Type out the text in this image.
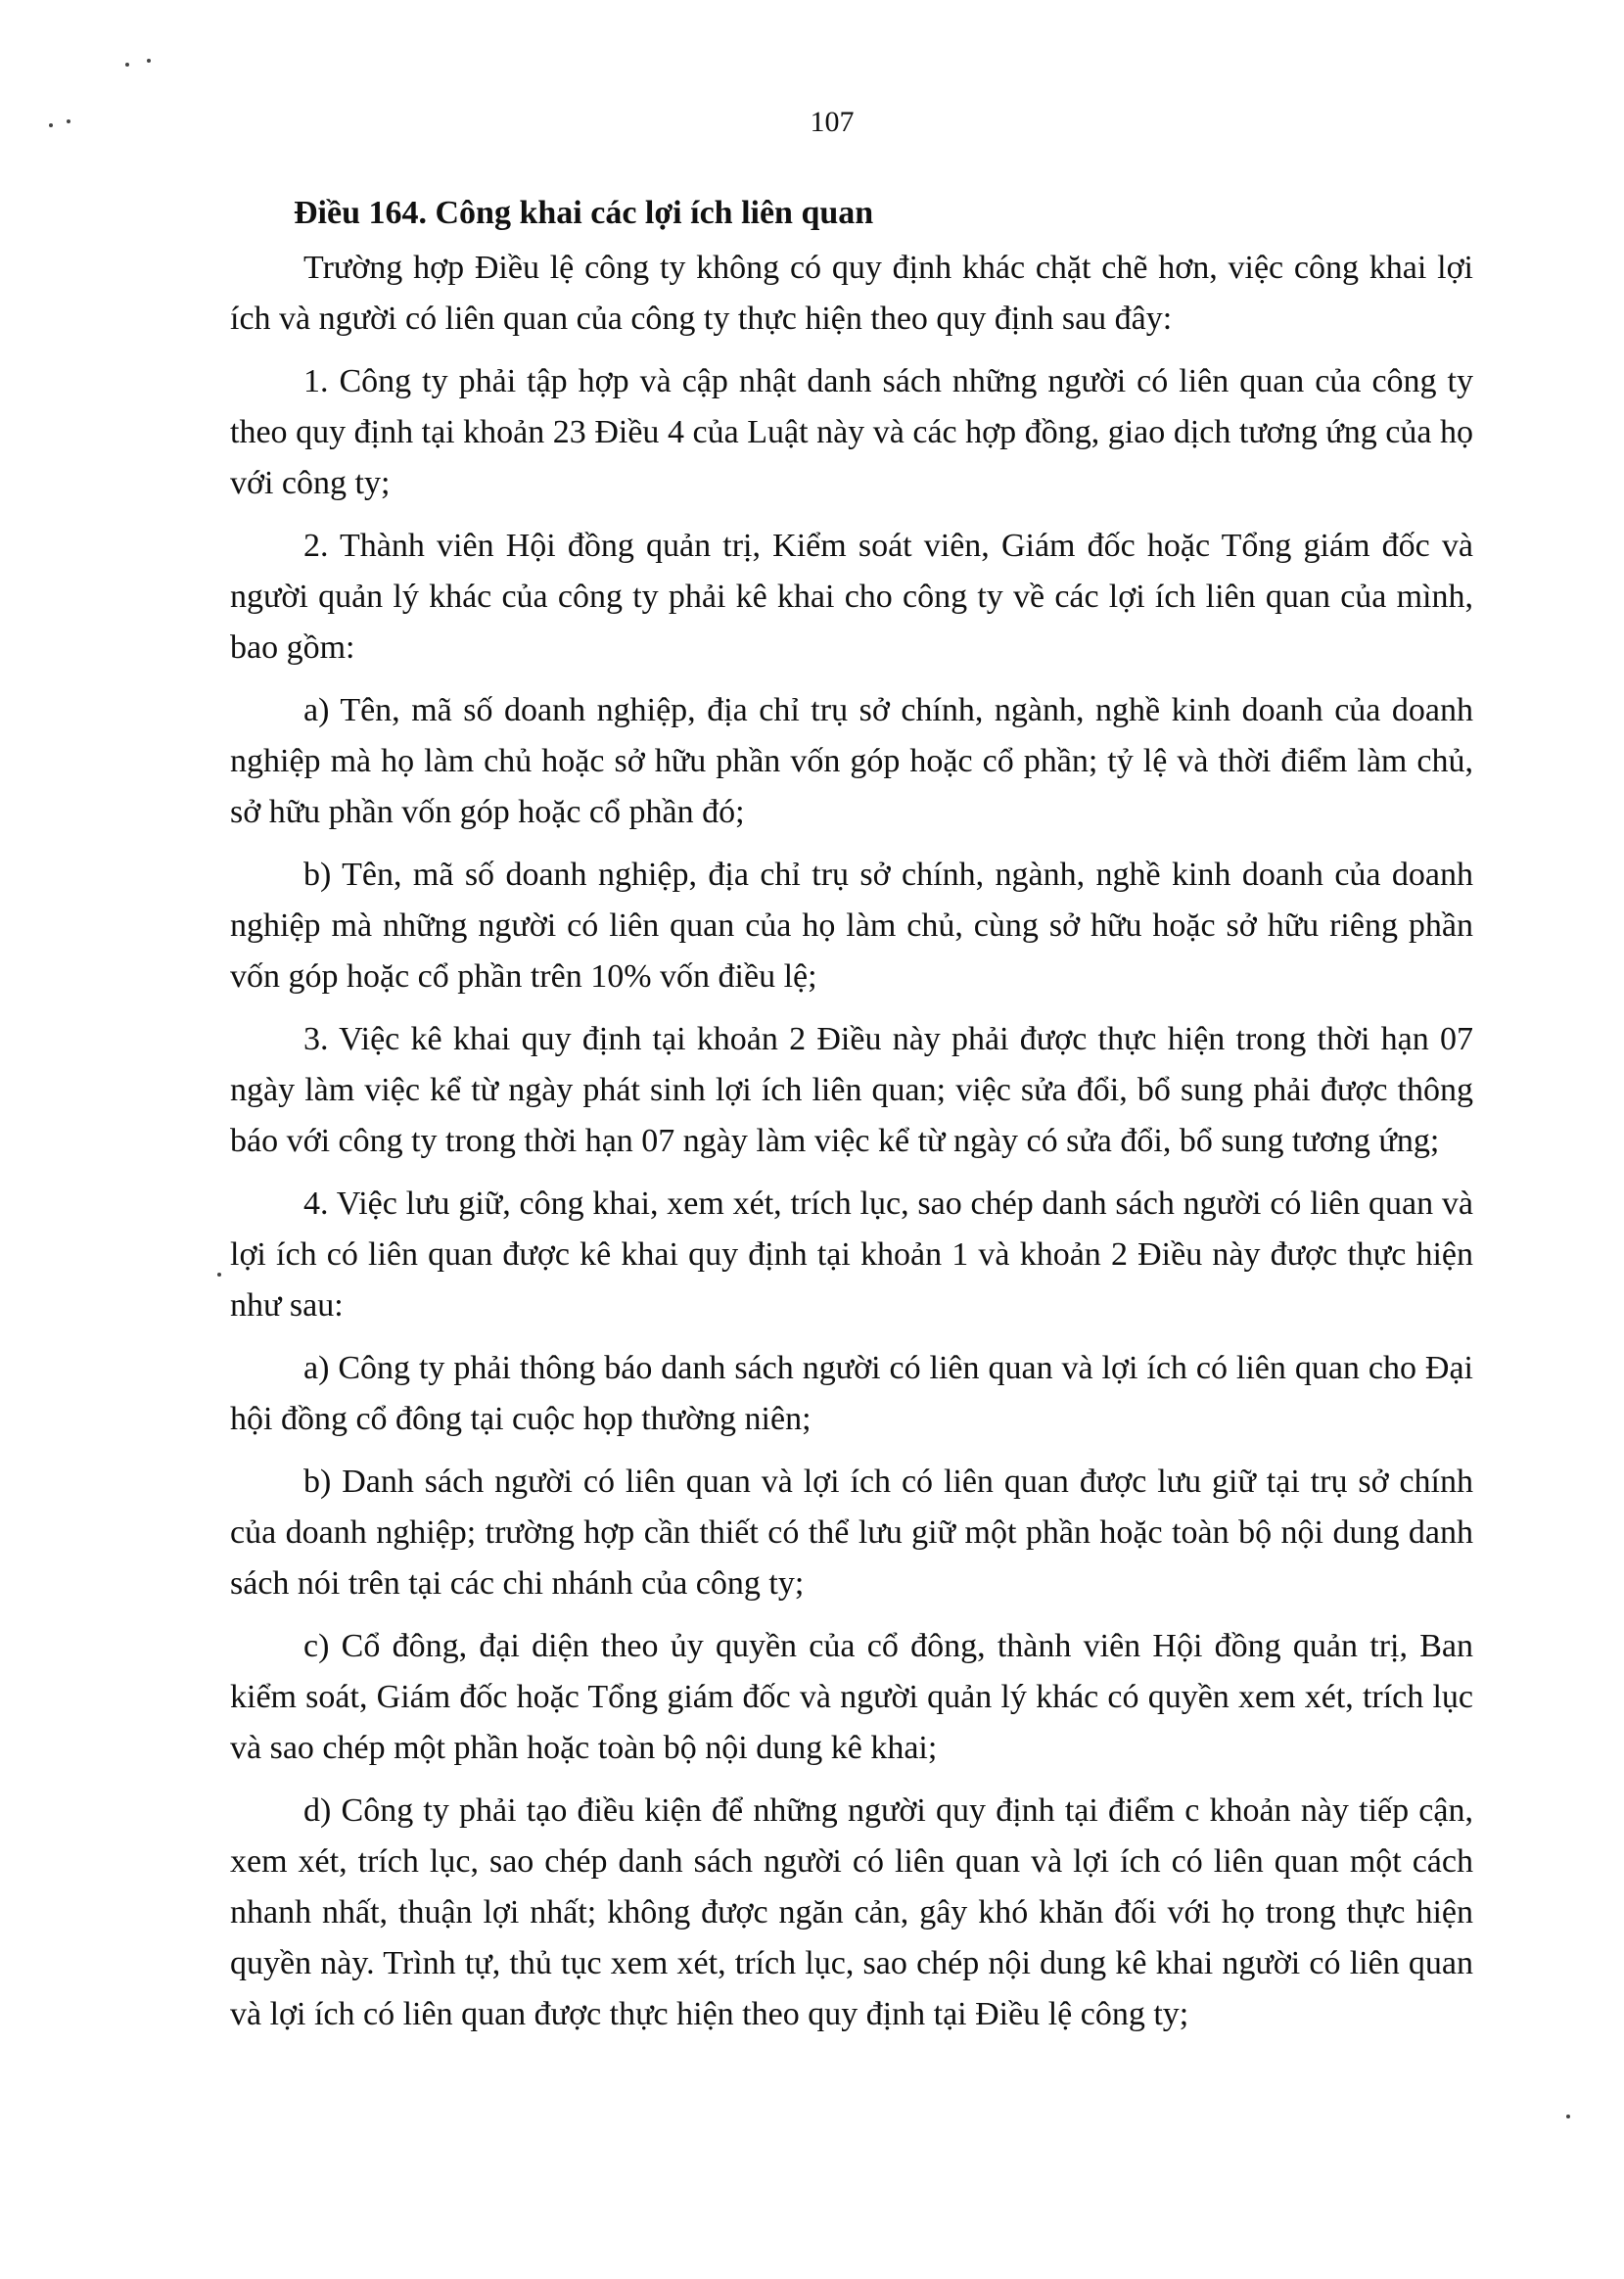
107
Điều 164. Công khai các lợi ích liên quan

Trường hợp Điều lệ công ty không có quy định khác chặt chẽ hơn, việc công khai lợi ích và người có liên quan của công ty thực hiện theo quy định sau đây:

1. Công ty phải tập hợp và cập nhật danh sách những người có liên quan của công ty theo quy định tại khoản 23 Điều 4 của Luật này và các hợp đồng, giao dịch tương ứng của họ với công ty;

2. Thành viên Hội đồng quản trị, Kiểm soát viên, Giám đốc hoặc Tổng giám đốc và người quản lý khác của công ty phải kê khai cho công ty về các lợi ích liên quan của mình, bao gồm:

a) Tên, mã số doanh nghiệp, địa chỉ trụ sở chính, ngành, nghề kinh doanh của doanh nghiệp mà họ làm chủ hoặc sở hữu phần vốn góp hoặc cổ phần; tỷ lệ và thời điểm làm chủ, sở hữu phần vốn góp hoặc cổ phần đó;

b) Tên, mã số doanh nghiệp, địa chỉ trụ sở chính, ngành, nghề kinh doanh của doanh nghiệp mà những người có liên quan của họ làm chủ, cùng sở hữu hoặc sở hữu riêng phần vốn góp hoặc cổ phần trên 10% vốn điều lệ;

3. Việc kê khai quy định tại khoản 2 Điều này phải được thực hiện trong thời hạn 07 ngày làm việc kể từ ngày phát sinh lợi ích liên quan; việc sửa đổi, bổ sung phải được thông báo với công ty trong thời hạn 07 ngày làm việc kể từ ngày có sửa đổi, bổ sung tương ứng;

4. Việc lưu giữ, công khai, xem xét, trích lục, sao chép danh sách người có liên quan và lợi ích có liên quan được kê khai quy định tại khoản 1 và khoản 2 Điều này được thực hiện như sau:

a) Công ty phải thông báo danh sách người có liên quan và lợi ích có liên quan cho Đại hội đồng cổ đông tại cuộc họp thường niên;

b) Danh sách người có liên quan và lợi ích có liên quan được lưu giữ tại trụ sở chính của doanh nghiệp; trường hợp cần thiết có thể lưu giữ một phần hoặc toàn bộ nội dung danh sách nói trên tại các chi nhánh của công ty;

c) Cổ đông, đại diện theo ủy quyền của cổ đông, thành viên Hội đồng quản trị, Ban kiểm soát, Giám đốc hoặc Tổng giám đốc và người quản lý khác có quyền xem xét, trích lục và sao chép một phần hoặc toàn bộ nội dung kê khai;

d) Công ty phải tạo điều kiện để những người quy định tại điểm c khoản này tiếp cận, xem xét, trích lục, sao chép danh sách người có liên quan và lợi ích có liên quan một cách nhanh nhất, thuận lợi nhất; không được ngăn cản, gây khó khăn đối với họ trong thực hiện quyền này. Trình tự, thủ tục xem xét, trích lục, sao chép nội dung kê khai người có liên quan và lợi ích có liên quan được thực hiện theo quy định tại Điều lệ công ty;
